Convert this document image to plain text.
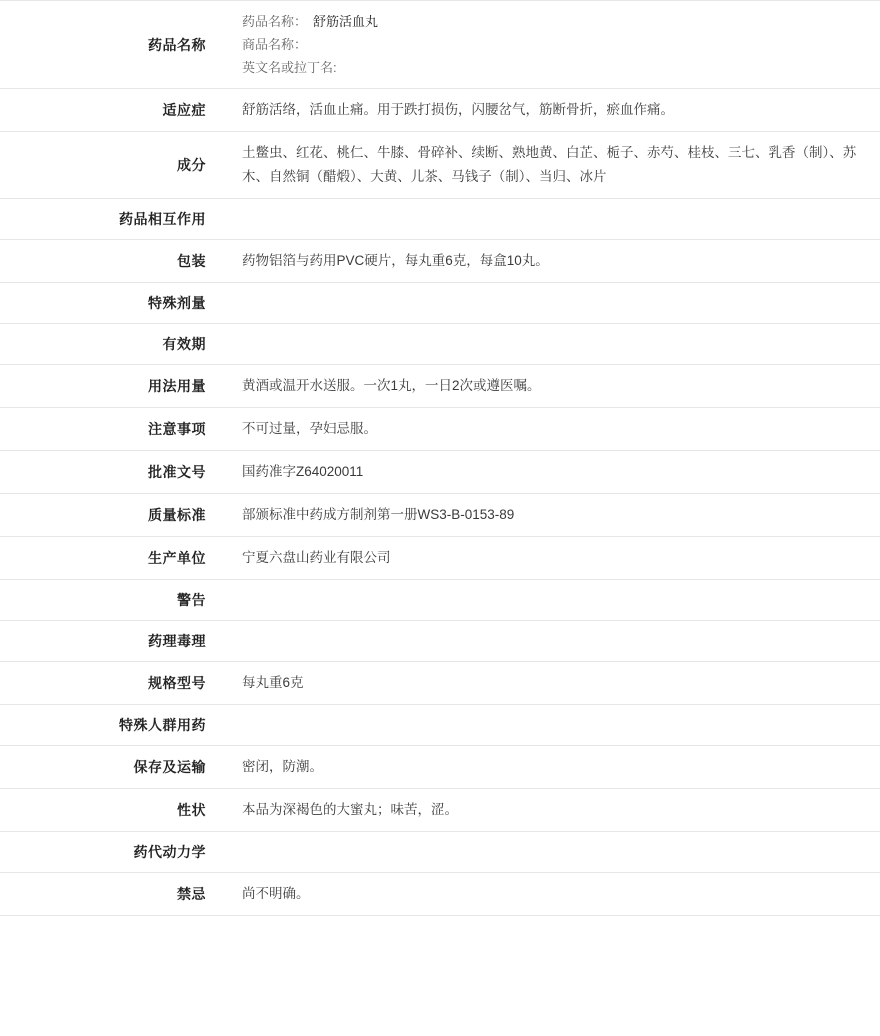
药品名称	药品名称： 舒筋活血丸
商品名称：
英文名或拉丁名:

适应症	舒筋活络，活血止痛。用于跌打损伤，闪腰岔气，筋断骨折，瘀血作痛。
成分	土鳖虫、红花、桃仁、牛膝、骨碎补、续断、熟地黄、白芷、栀子、赤芍、桂枝、三七、乳香（制）、苏木、自然铜（醋煅）、大黄、儿茶、马钱子（制）、当归、冰片
药品相互作用	
包装	药物铝箔与药用PVC硬片，每丸重6克，每盒10丸。
特殊剂量	
有效期	
用法用量	黄酒或温开水送服。一次1丸，一日2次或遵医嘱。
注意事项	不可过量，孕妇忌服。
批准文号	国药准字Z64020011
质量标准	部颁标准中药成方制剂第一册WS3-B-0153-89
生产单位	宁夏六盘山药业有限公司
警告	
药理毒理	
规格型号	每丸重6克
特殊人群用药	
保存及运输	密闭，防潮。
性状	本品为深褐色的大蜜丸；味苦，涩。
药代动力学	
禁忌	尚不明确。
